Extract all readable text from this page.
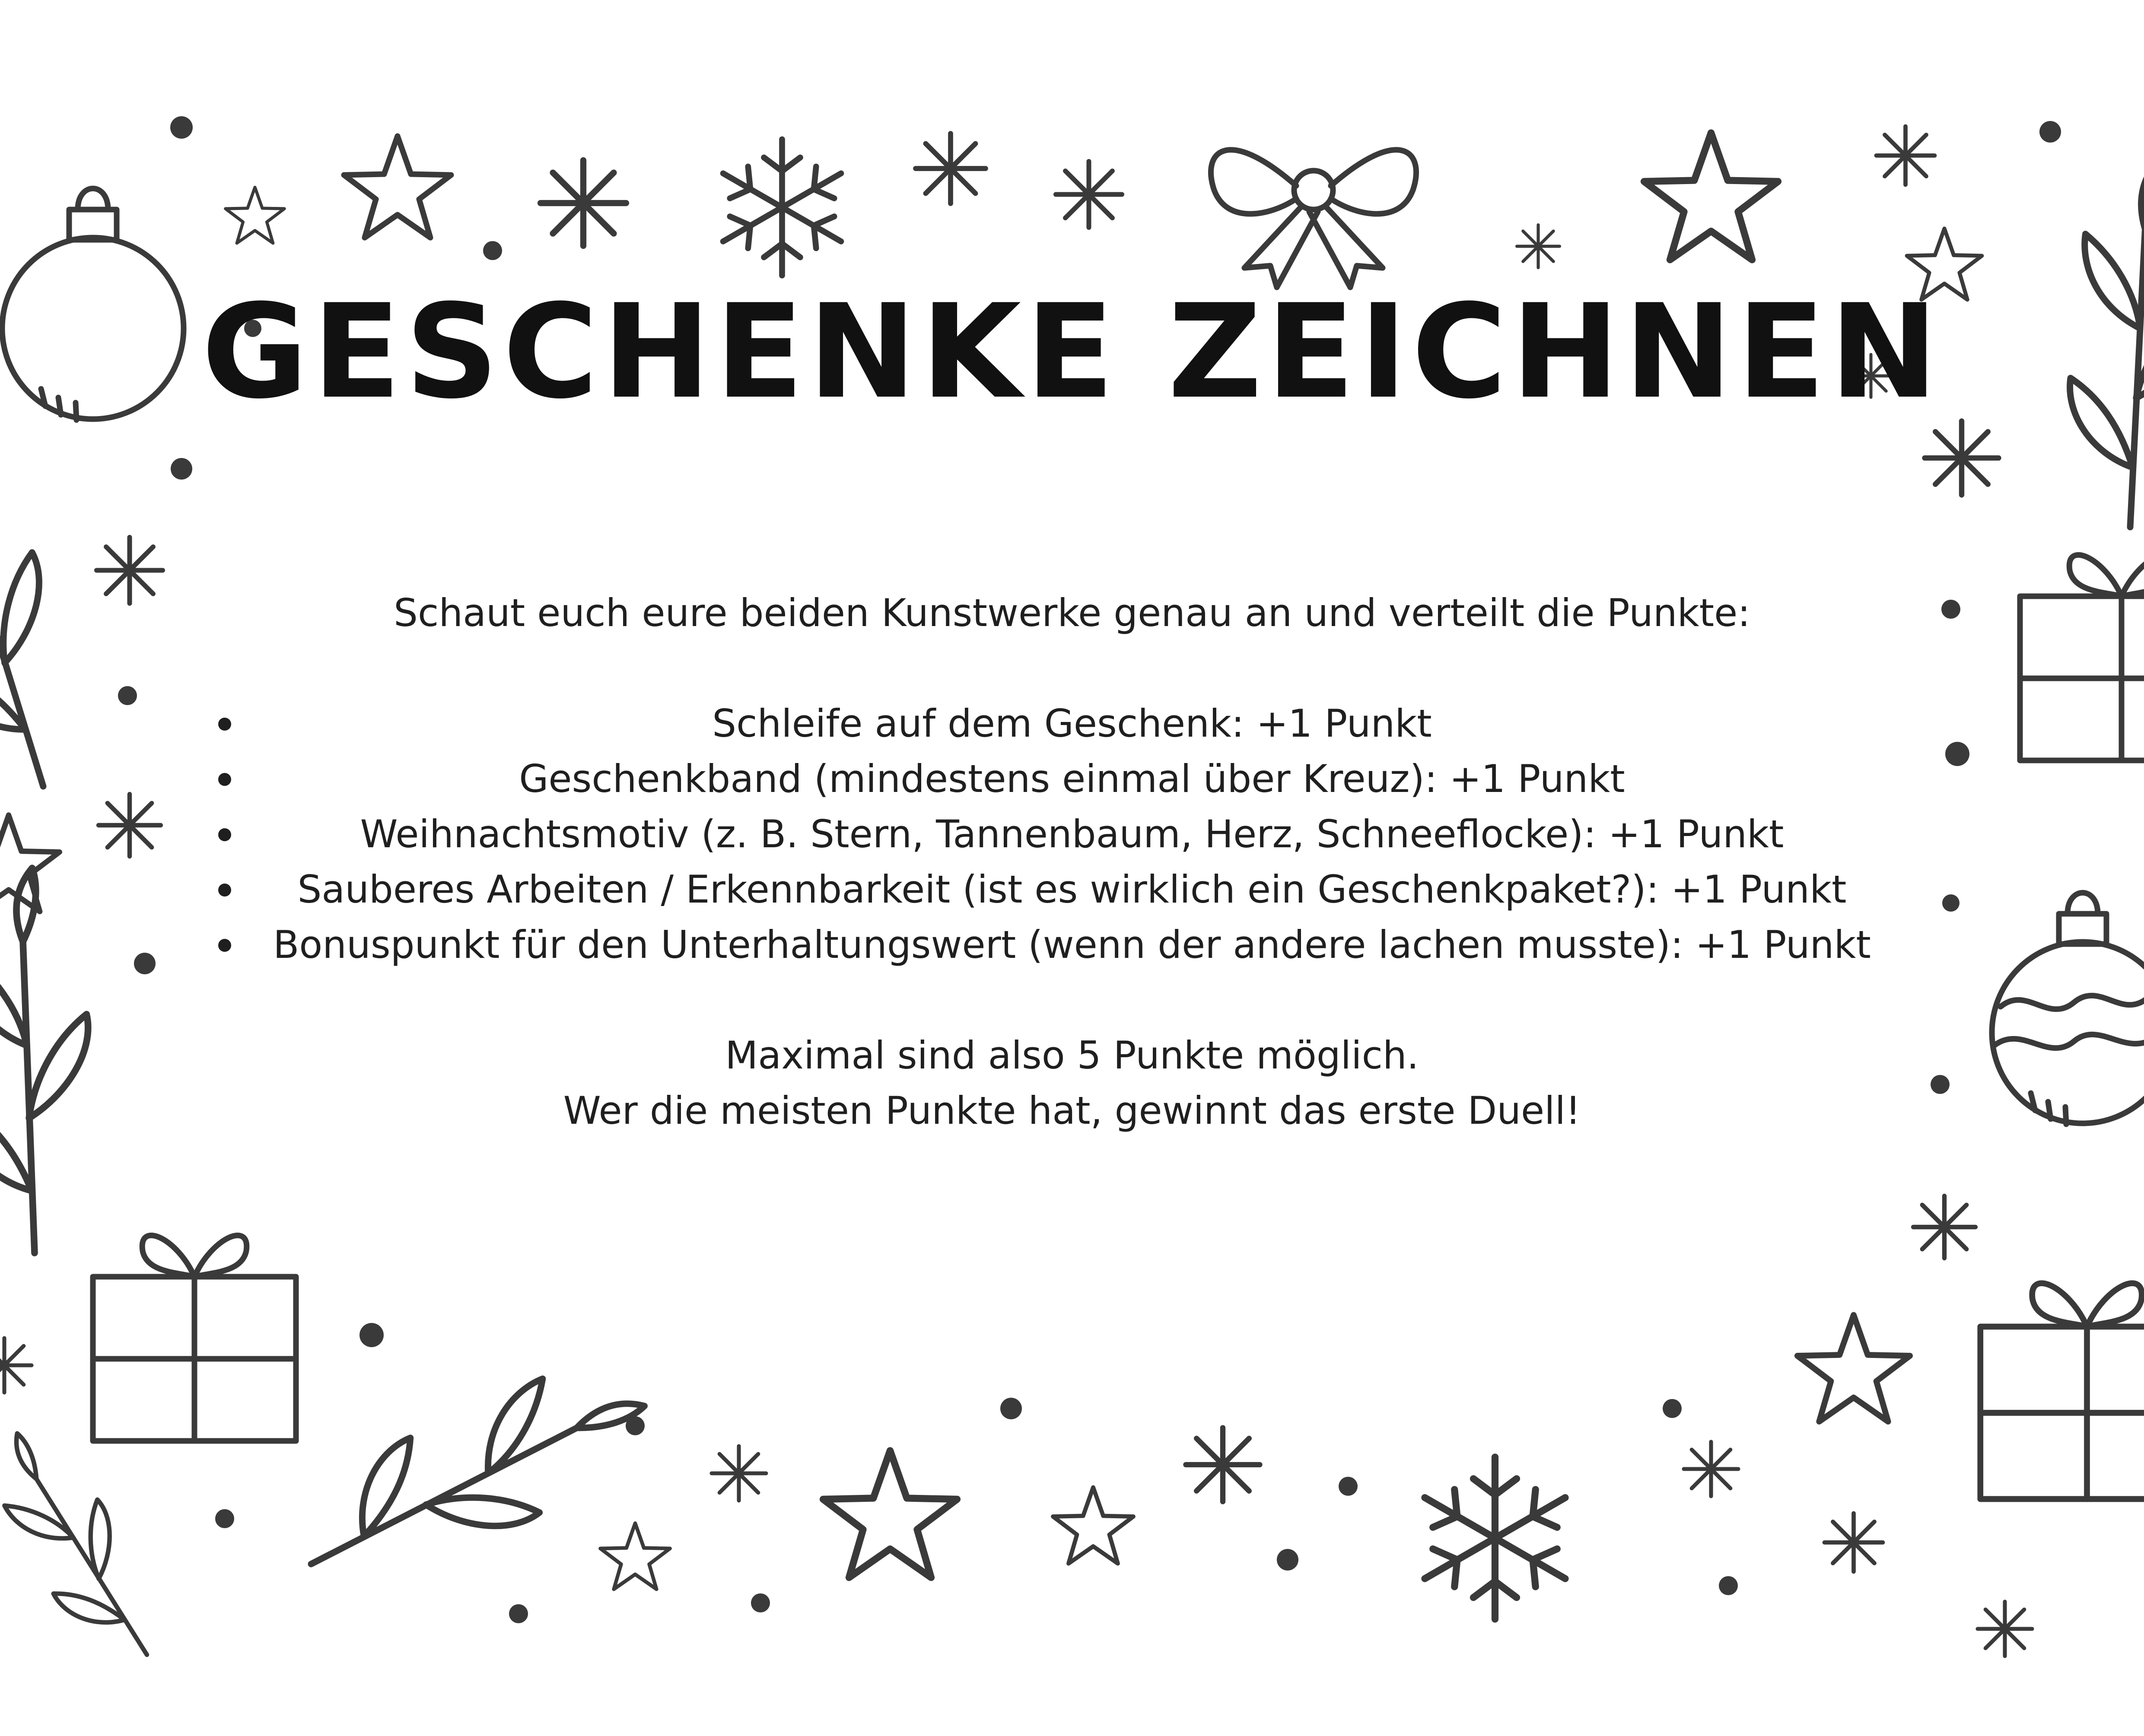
GESCHENKE ZEICHNEN

Schaut euch eure beiden Kunstwerke genau an und verteilt die Punkte:

Schleife auf dem Geschenk: +1 Punkt
Geschenkband (mindestens einmal über Kreuz): +1 Punkt
Weihnachtsmotiv (z. B. Stern, Tannenbaum, Herz, Schneeflocke): +1 Punkt
Sauberes Arbeiten / Erkennbarkeit (ist es wirklich ein Geschenkpaket?): +1 Punkt
Bonuspunkt für den Unterhaltungswert (wenn der andere lachen musste): +1 Punkt

Maximal sind also 5 Punkte möglich.

Wer die meisten Punkte hat, gewinnt das erste Duell!
